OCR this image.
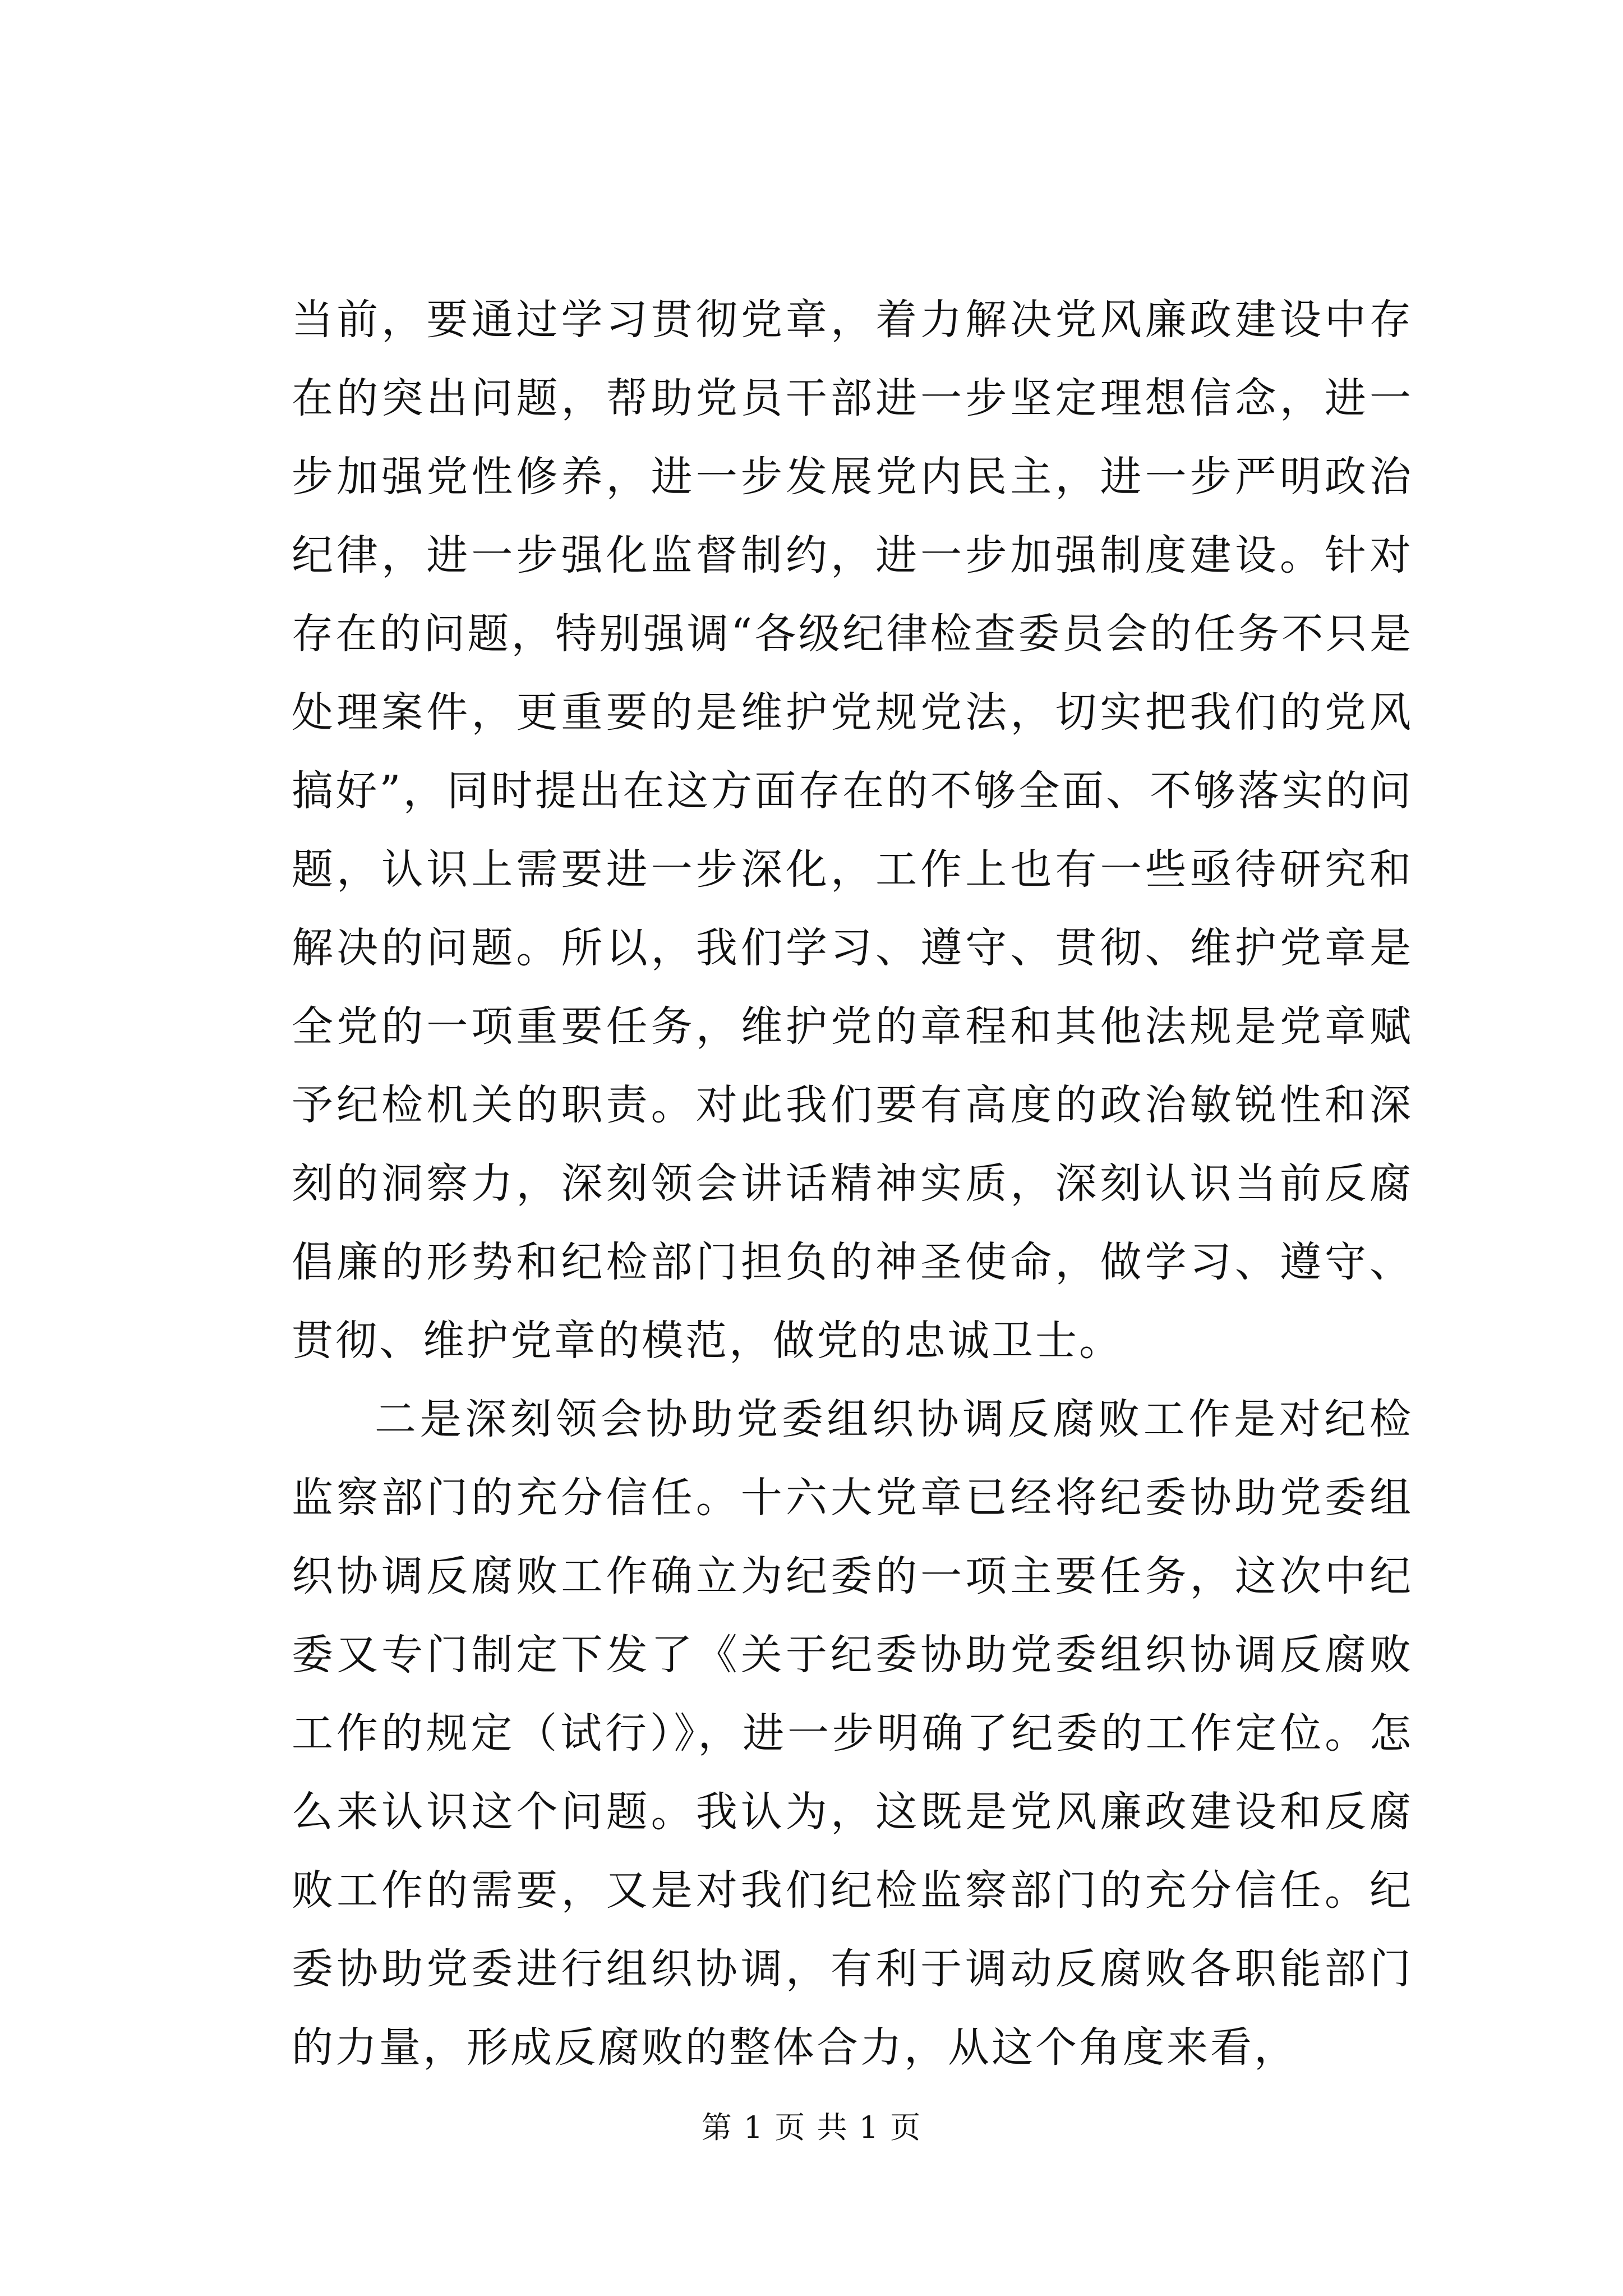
当前，要通过学习贯彻党章，着力解决党风廉政建设中存在的突出问题，帮助党员干部进一步坚定理想信念，进一步加强党性修养，进一步发展党内民主，进一步严明政治纪律，进一步强化监督制约，进一步加强制度建设。针对存在的问题，特别强调“各级纪律检查委员会的任务不只是处理案件，更重要的是维护党规党法，切实把我们的党风搞好”，同时提出在这方面存在的不够全面、不够落实的问题，认识上需要进一步深化，工作上也有一些亟待研究和解决的问题。所以，我们学习、遵守、贯彻、维护党章是全党的一项重要任务，维护党的章程和其他法规是党章赋予纪检机关的职责。对此我们要有高度的政治敏锐性和深刻的洞察力，深刻领会讲话精神实质，深刻认识当前反腐倡廉的形势和纪检部门担负的神圣使命，做学习、遵守、贯彻、维护党章的模范，做党的忠诚卫士。

二是深刻领会协助党委组织协调反腐败工作是对纪检监察部门的充分信任。十六大党章已经将纪委协助党委组织协调反腐败工作确立为纪委的一项主要任务，这次中纪委又专门制定下发了《关于纪委协助党委组织协调反腐败工作的规定（试行）》，进一步明确了纪委的工作定位。怎么来认识这个问题。我认为，这既是党风廉政建设和反腐败工作的需要，又是对我们纪检监察部门的充分信任。纪委协助党委进行组织协调，有利于调动反腐败各职能部门的力量，形成反腐败的整体合力，从这个角度来看，

第 1 页 共 1 页
